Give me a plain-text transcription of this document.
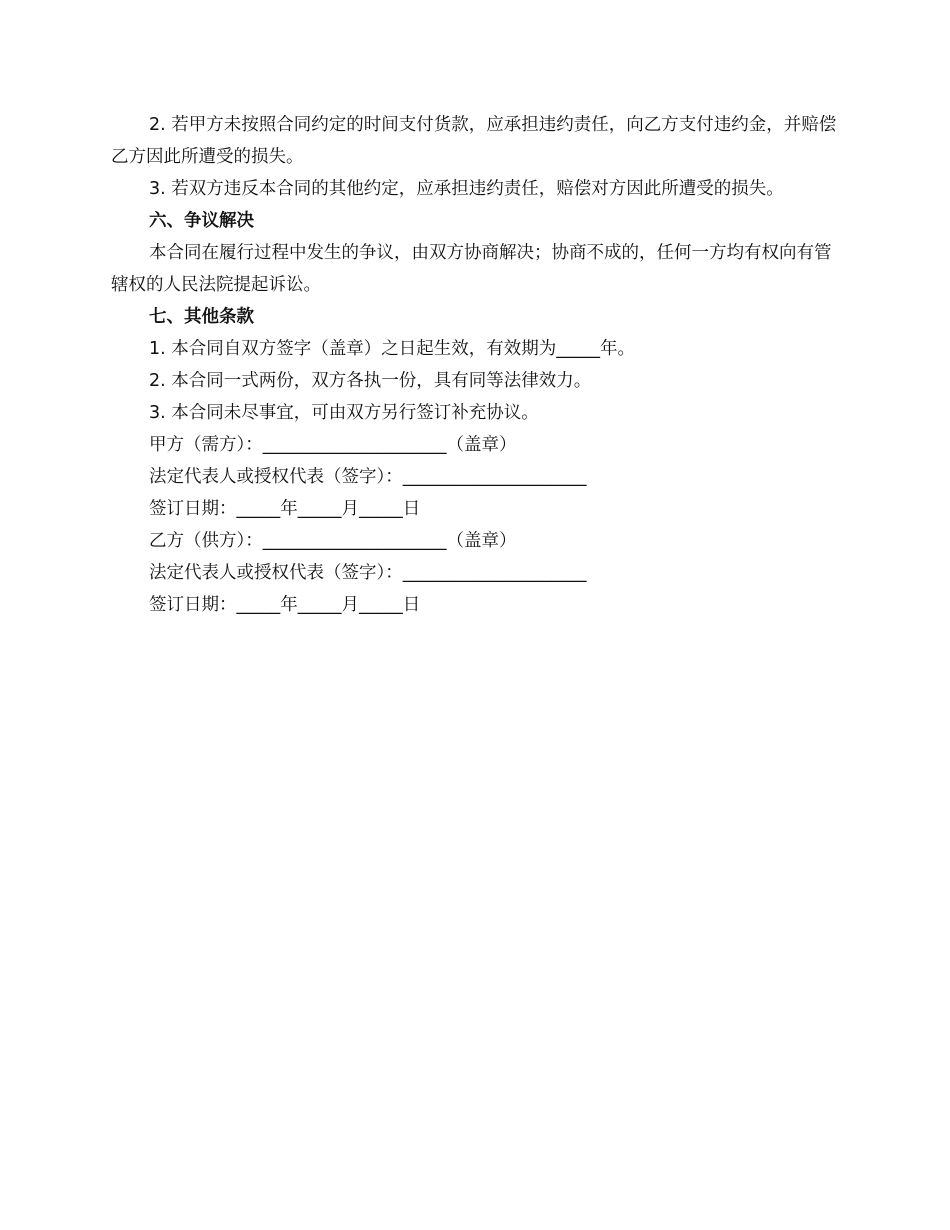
2. 若甲方未按照合同约定的时间支付货款，应承担违约责任，向乙方支付违约金，并赔偿乙方因此所遭受的损失。

3. 若双方违反本合同的其他约定，应承担违约责任，赔偿对方因此所遭受的损失。

六、争议解决

本合同在履行过程中发生的争议，由双方协商解决；协商不成的，任何一方均有权向有管辖权的人民法院提起诉讼。

七、其他条款

1. 本合同自双方签字（盖章）之日起生效，有效期为_____年。

2. 本合同一式两份，双方各执一份，具有同等法律效力。

3. 本合同未尽事宜，可由双方另行签订补充协议。

甲方（需方）：_____________________（盖章）

法定代表人或授权代表（签字）：_____________________

签订日期：_____年_____月_____日

乙方（供方）：_____________________（盖章）

法定代表人或授权代表（签字）：_____________________

签订日期：_____年_____月_____日
